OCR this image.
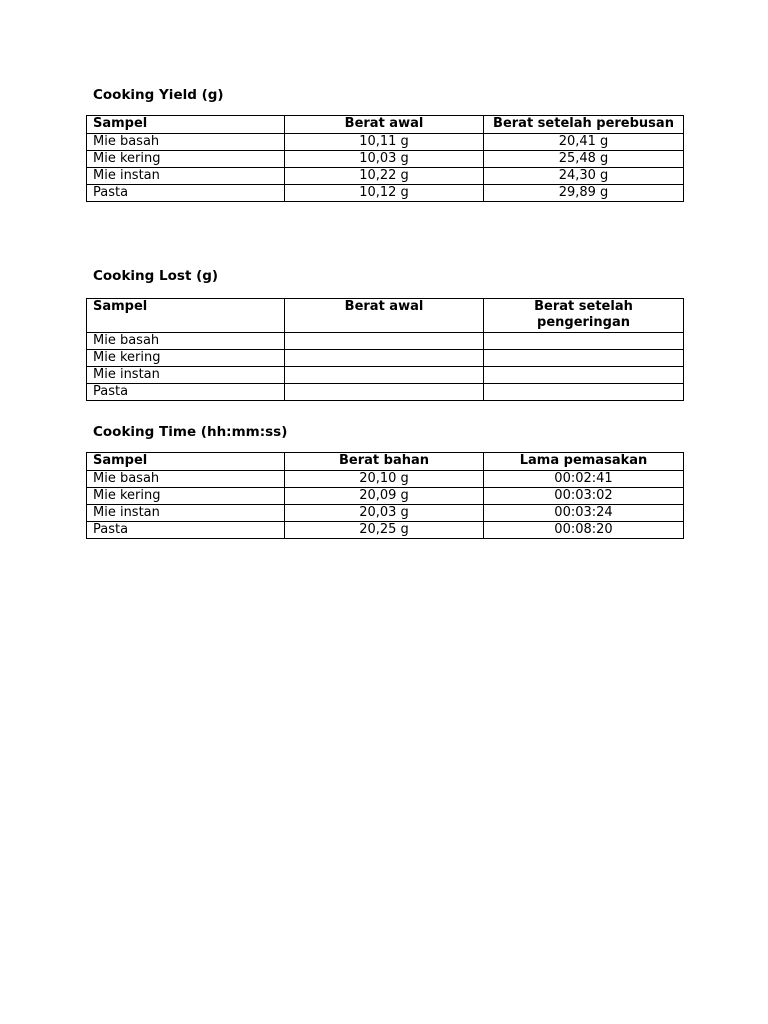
Cooking Yield (g)
Sampel	Berat awal	Berat setelah perebusan
Mie basah	10,11 g	20,41 g
Mie kering	10,03 g	25,48 g
Mie instan	10,22 g	24,30 g
Pasta	10,12 g	29,89 g
Cooking Lost (g)
Sampel	Berat awal	Berat setelah pengeringan
Mie basah		
Mie kering		
Mie instan		
Pasta		
Cooking Time (hh:mm:ss)
Sampel	Berat bahan	Lama pemasakan
Mie basah	20,10 g	00:02:41
Mie kering	20,09 g	00:03:02
Mie instan	20,03 g	00:03:24
Pasta	20,25 g	00:08:20
